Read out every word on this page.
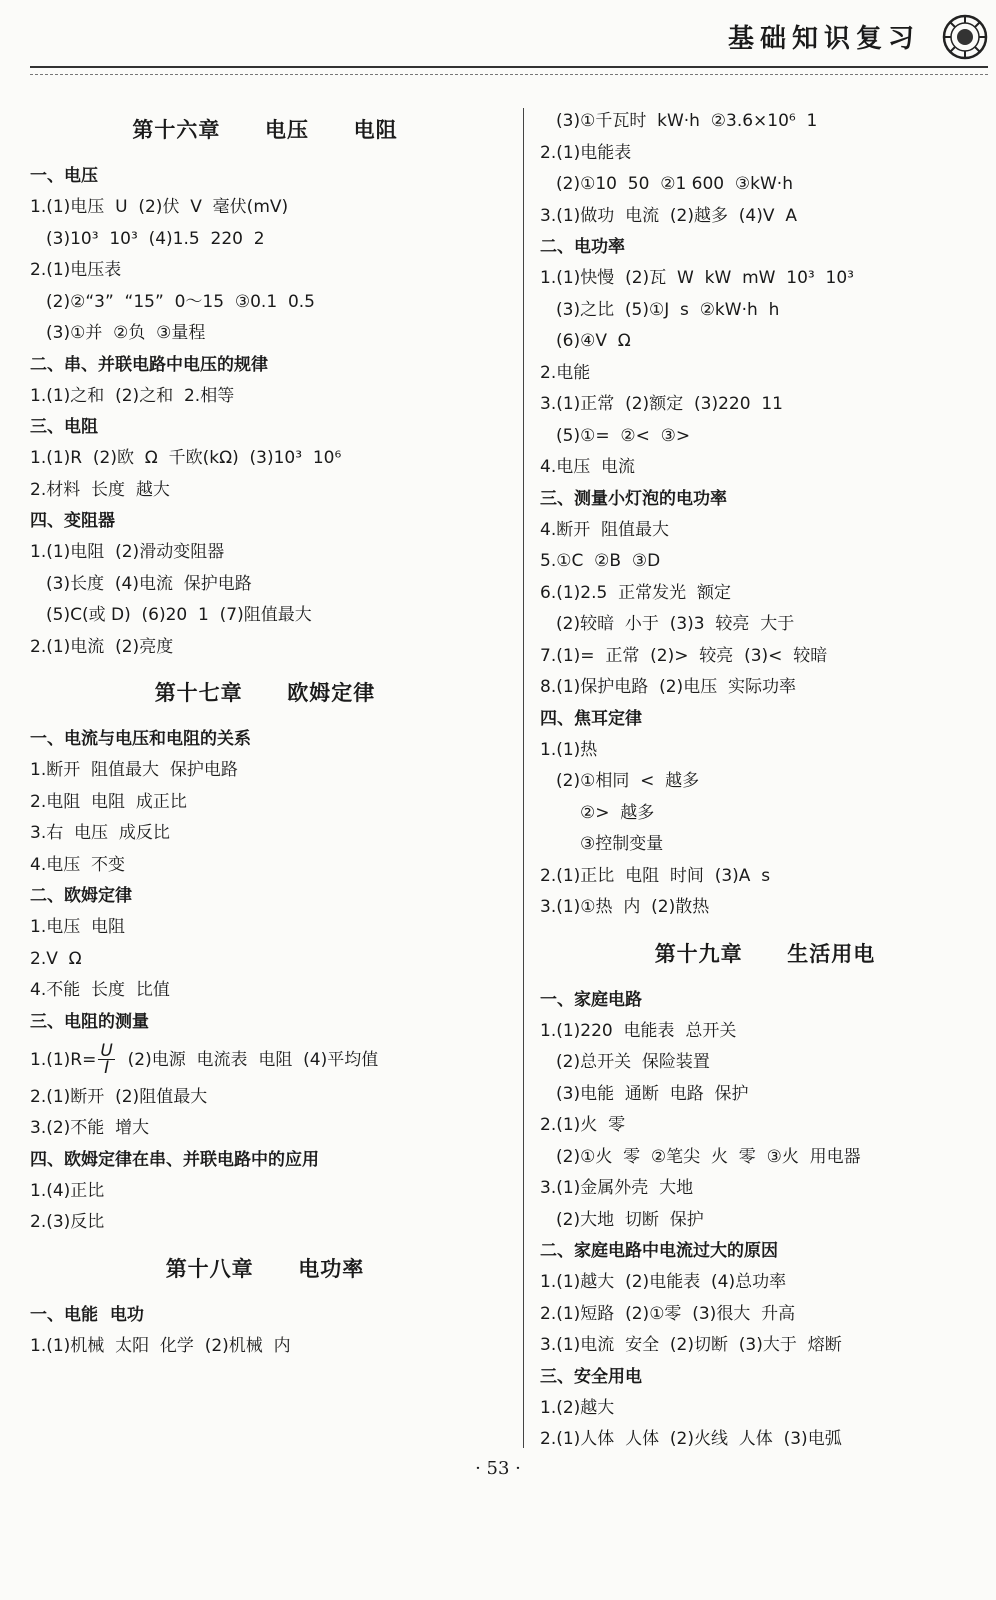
基础知识复习
第十六章  电压  电阻
一、电压
1.(1)电压  U  (2)伏  V  毫伏(mV)
(3)10³  10³  (4)1.5  220  2
2.(1)电压表
(2)②“3”  “15”  0～15  ③0.1  0.5
(3)①并  ②负  ③量程
二、串、并联电路中电压的规律
1.(1)之和  (2)之和  2.相等
三、电阻
1.(1)R  (2)欧  Ω  千欧(kΩ)  (3)10³  10⁶
2.材料  长度  越大
四、变阻器
1.(1)电阻  (2)滑动变阻器
(3)长度  (4)电流  保护电路
(5)C(或 D)  (6)20  1  (7)阻值最大
2.(1)电流  (2)亮度
第十七章  欧姆定律
一、电流与电压和电阻的关系
1.断开  阻值最大  保护电路
2.电阻  电阻  成正比
3.右  电压  成反比
4.电压  不变
二、欧姆定律
1.电压  电阻
2.V  Ω
4.不能  长度  比值
三、电阻的测量
$1.(1)R= \frac{U}{I} (2)$电源  电流表  电阻  (4)平均值
2.(1)断开  (2)阻值最大
3.(2)不能  增大
四、欧姆定律在串、并联电路中的应用
1.(4)正比
2.(3)反比
第十八章  电功率
一、电能  电功
1.(1)机械  太阳  化学  (2)机械  内
(3)①千瓦时  kW·h  ②3.6×10⁶  1
2.(1)电能表
(2)①10  50  ②1 600  ③kW·h
3.(1)做功  电流  (2)越多  (4)V  A
二、电功率
1.(1)快慢  (2)瓦  W  kW  mW  10³  10³
(3)之比  (5)①J  s  ②kW·h  h
(6)④V  Ω
2.电能
3.(1)正常  (2)额定  (3)220  11
(5)①=  ②<  ③>
4.电压  电流
三、测量小灯泡的电功率
4.断开  阻值最大
5.①C  ②B  ③D
6.(1)2.5  正常发光  额定
(2)较暗  小于  (3)3  较亮  大于
7.(1)=  正常  (2)>  较亮  (3)<  较暗
8.(1)保护电路  (2)电压  实际功率
四、焦耳定律
1.(1)热
(2)①相同  <  越多
②>  越多
③控制变量
2.(1)正比  电阻  时间  (3)A  s
3.(1)①热  内  (2)散热
第十九章  生活用电
一、家庭电路
1.(1)220  电能表  总开关
(2)总开关  保险装置
(3)电能  通断  电路  保护
2.(1)火  零
(2)①火  零  ②笔尖  火  零  ③火  用电器
3.(1)金属外壳  大地
(2)大地  切断  保护
二、家庭电路中电流过大的原因
1.(1)越大  (2)电能表  (4)总功率
2.(1)短路  (2)①零  (3)很大  升高
3.(1)电流  安全  (2)切断  (3)大于  熔断
三、安全用电
1.(2)越大
2.(1)人体  人体  (2)火线  人体  (3)电弧
· 53 ·
